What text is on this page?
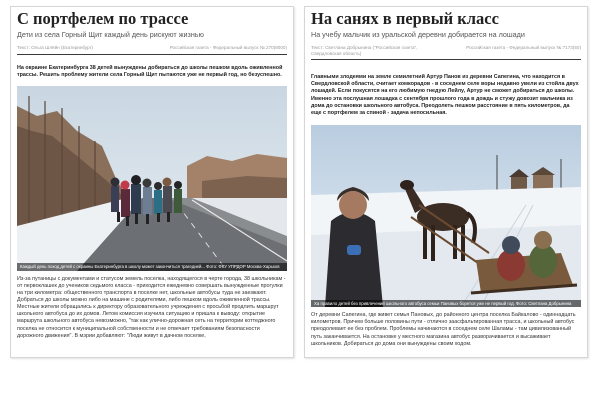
С портфелем по трассе
Дети из села Горный Щит каждый день рискуют жизнью
Текст: Ольга Шлёйн (Екатеринбург)	Российская газета - Федеральный выпуск № 270(8000)
На окраине Екатеринбурга 38 детей вынуждены добираться до школы пешком вдоль оживленной трассы. Решить проблему жители села Горный Щит пытаются уже не первый год, но безуспешно.
Каждый день поход детей с окраины Екатеринбурга в школу может закончиться трагедией... Фото: ФКУ УПРДОР Москва-Харьков
Из-за путаницы с документами и статусом земель поселка, находящегося в черте города, 38 школьникам - от первоклашек до учеников седьмого класса - приходится ежедневно совершать вынужденные прогулки на три километра: общественного транспорта в поселке нет, школьные автобусы туда не заезжают. Добраться до школы можно либо на машине с родителями, либо пешком вдоль оживленной трассы. Местные жители обращались к директору образовательного учреждения с просьбой продлить маршрут школьного автобуса до их домов. Летом комиссия изучила ситуацию и пришла к выводу: открытие маршрута школьного автобуса невозможно, "так как улично-дорожная сеть на территории коттеджного поселка не относится к муниципальной собственности и не отвечает требованиям безопасности дорожного движения". В мэрии добавляют: "Люди живут в дачном поселке,
На санях в первый класс
На учебу мальчик из уральской деревни добирается на лошади
Текст: Светлана Добрынина ("Российская газета", Свердловская область)
Российская газета - Федеральный выпуск № 7173(50)
Главными злодеями на земле семилетний Артур Панов из деревни Сапегина, что находится в Свердловской области, считает комкорадов - в соседнем селе воры недавно увели из стойла двух лошадей. Если покусятся на его любимую гнедую Лейлу, Артур не сможет добираться до школы. Именно эта послушная лошадка с сентября прошлого года в дождь и стужу довозит мальчика из дома до остановки школьного автобуса. Преодолеть пешком расстояние в пять километров, да еще с портфелем за спиной - задача непосильная.
Ха правило детей без привлечений школьного автобуса семьи Пановых борется уже не первый год. Фото: Светлана Добрынина
От деревни Сапегина, где живет семья Пановых, до районного центра поселка Байкалово - одиннадцать километров. Причем больше половины пути - отлично заасфальтированная трасса, и школьный автобус преодолевает ее без проблем. Проблемы начинаются в соседнем селе Шаламы - там цивилизованный путь заканчивается. На остановке у местного магазина автобус разворачивается и высаживает школьников. Добираться до дома они вынуждены своим ходом.
